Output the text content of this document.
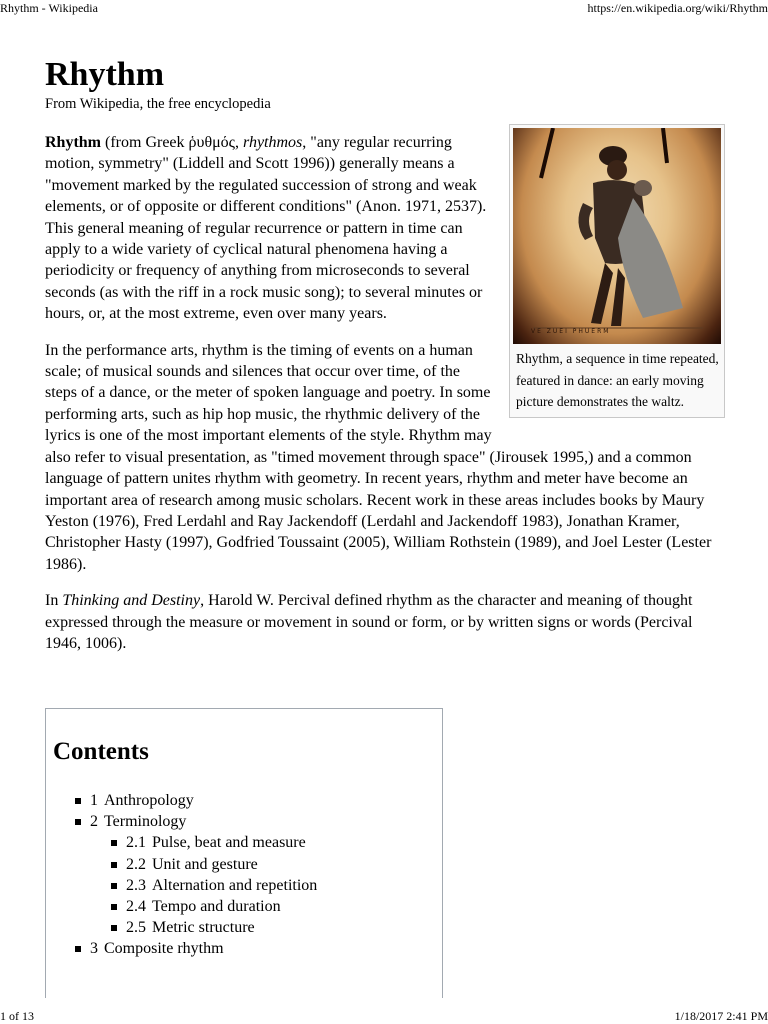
Rhythm - Wikipedia	https://en.wikipedia.org/wiki/Rhythm
Rhythm
From Wikipedia, the free encyclopedia
VE ZUEI PHUERM
Rhythm, a sequence in time repeated, featured in dance: an early moving picture demonstrates the waltz.

Rhythm (from Greek ῥυθμός, rhythmos, "any regular recurring motion, symmetry" (Liddell and Scott 1996)) generally means a "movement marked by the regulated succession of strong and weak elements, or of opposite or different conditions" (Anon. 1971, 2537). This general meaning of regular recurrence or pattern in time can apply to a wide variety of cyclical natural phenomena having a periodicity or frequency of anything from microseconds to several seconds (as with the riff in a rock music song); to several minutes or hours, or, at the most extreme, even over many years.

In the performance arts, rhythm is the timing of events on a human scale; of musical sounds and silences that occur over time, of the steps of a dance, or the meter of spoken language and poetry. In some performing arts, such as hip hop music, the rhythmic delivery of the lyrics is one of the most important elements of the style. Rhythm may also refer to visual presentation, as "timed movement through space" (Jirousek 1995,) and a common language of pattern unites rhythm with geometry. In recent years, rhythm and meter have become an important area of research among music scholars. Recent work in these areas includes books by Maury Yeston (1976), Fred Lerdahl and Ray Jackendoff (Lerdahl and Jackendoff 1983), Jonathan Kramer, Christopher Hasty (1997), Godfried Toussaint (2005), William Rothstein (1989), and Joel Lester (Lester 1986).

In Thinking and Destiny, Harold W. Percival defined rhythm as the character and meaning of thought expressed through the measure or movement in sound or form, or by written signs or words (Percival 1946, 1006).

Contents
1 Anthropology
2 Terminology
2.1 Pulse, beat and measure
2.2 Unit and gesture
2.3 Alternation and repetition
2.4 Tempo and duration
2.5 Metric structure
3 Composite rhythm
1 of 13	1/18/2017 2:41 PM
